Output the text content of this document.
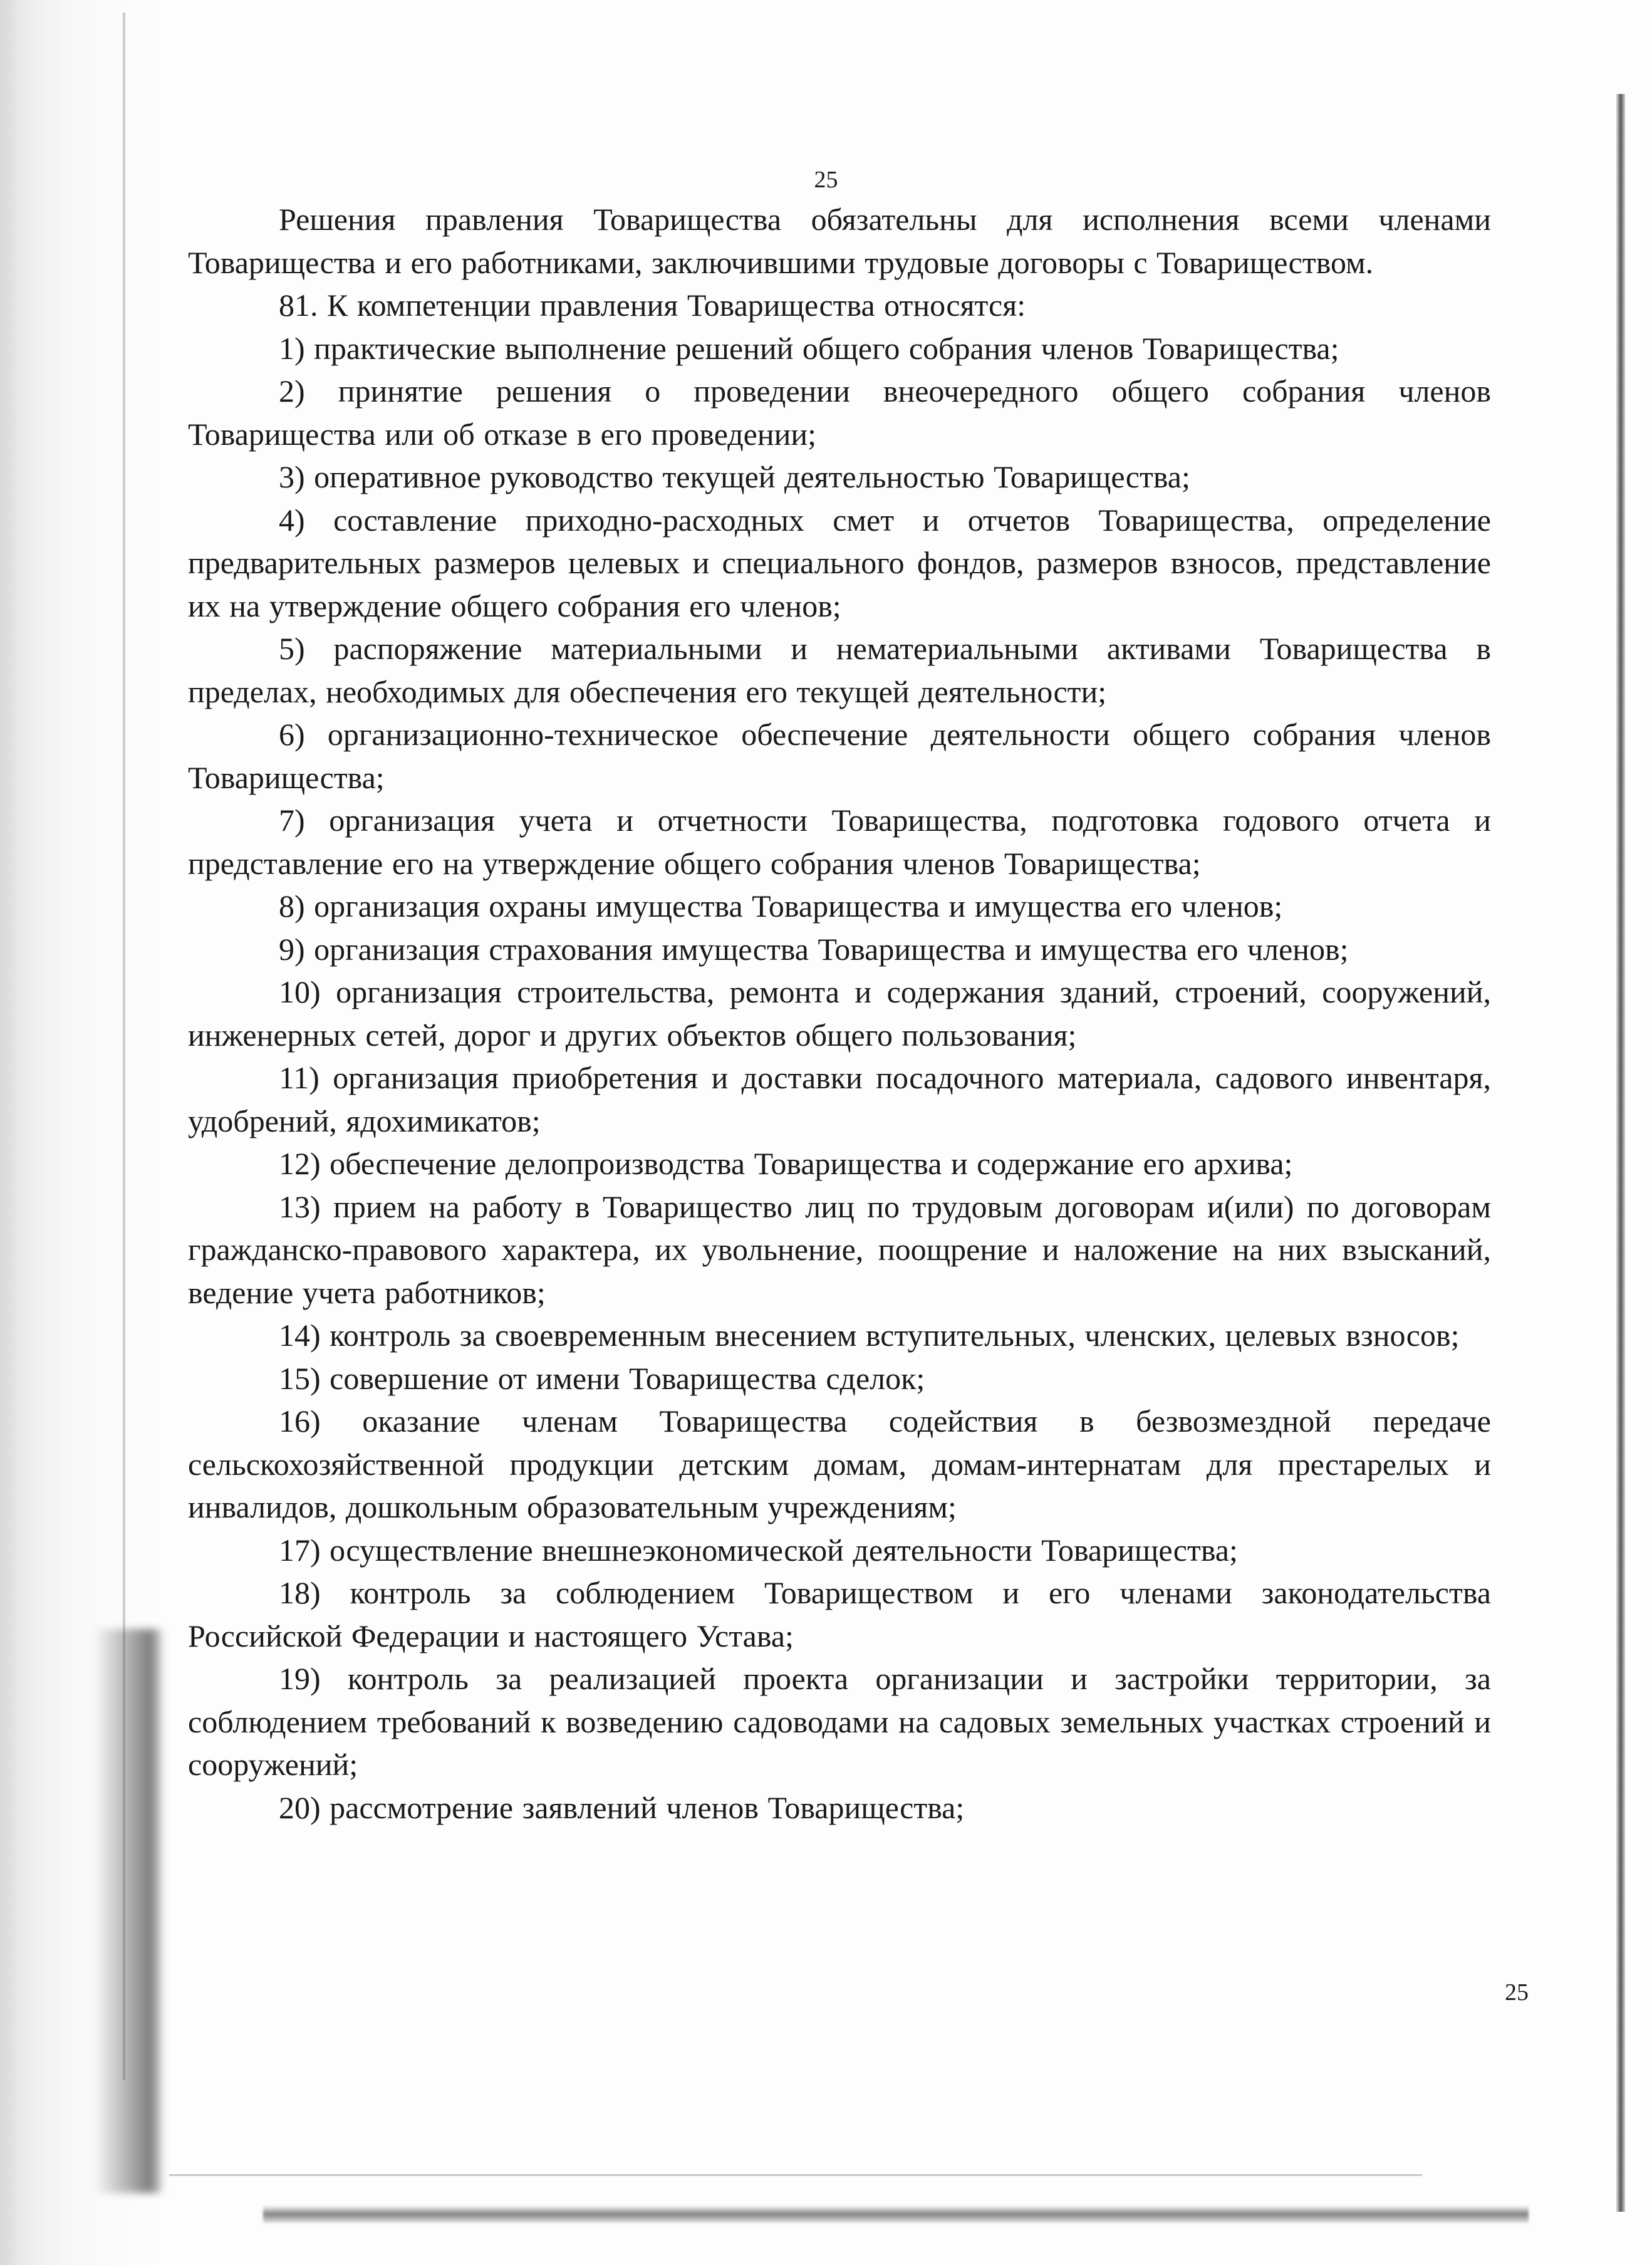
25

Решения правления Товарищества обязательны для исполнения всеми членами Товарищества и его работниками, заключившими трудовые договоры с Товариществом.

81. К компетенции правления Товарищества относятся:

1) практические выполнение решений общего собрания членов Товарищества;

2) принятие решения о проведении внеочередного общего собрания членов Товарищества или об отказе в его проведении;

3) оперативное руководство текущей деятельностью Товарищества;

4) составление приходно-расходных смет и отчетов Товарищества, определение предварительных размеров целевых и специального фондов, размеров взносов, представление их на утверждение общего собрания его членов;

5) распоряжение материальными и нематериальными активами Товарищества в пределах, необходимых для обеспечения его текущей деятельности;

6) организационно-техническое обеспечение деятельности общего собрания членов Товарищества;

7) организация учета и отчетности Товарищества, подготовка годового отчета и представление его на утверждение общего собрания членов Товарищества;

8) организация охраны имущества Товарищества и имущества его членов;

9) организация страхования имущества Товарищества и имущества его членов;

10) организация строительства, ремонта и содержания зданий, строений, сооружений, инженерных сетей, дорог и других объектов общего пользования;

11) организация приобретения и доставки посадочного материала, садового инвентаря, удобрений, ядохимикатов;

12) обеспечение делопроизводства Товарищества и содержание его архива;

13) прием на работу в Товарищество лиц по трудовым договорам и(или) по договорам гражданско-правового характера, их увольнение, поощрение и наложение на них взысканий, ведение учета работников;

14) контроль за своевременным внесением вступительных, членских, целевых взносов;

15) совершение от имени Товарищества сделок;

16) оказание членам Товарищества содействия в безвозмездной передаче сельскохозяйственной продукции детским домам, домам-интернатам для престарелых и инвалидов, дошкольным образовательным учреждениям;

17) осуществление внешнеэкономической деятельности Товарищества;

18) контроль за соблюдением Товариществом и его членами законодательства Российской Федерации и настоящего Устава;

19) контроль за реализацией проекта организации и застройки территории, за соблюдением требований к возведению садоводами на садовых земельных участках строений и сооружений;

20) рассмотрение заявлений членов Товарищества;

25
